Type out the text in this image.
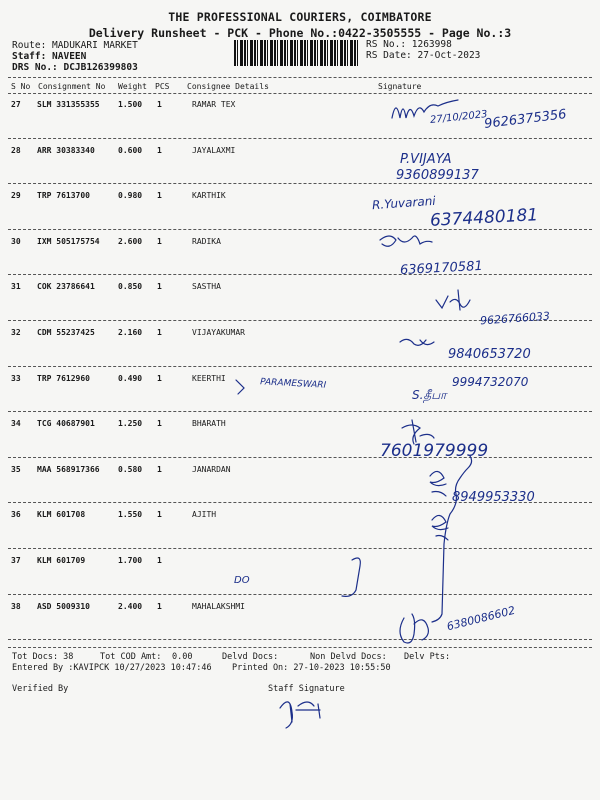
THE PROFESSIONAL COURIERS, COIMBATORE
Delivery Runsheet - PCK - Phone No.:0422-3505555 - Page No.:3
Route: MADUKARI MARKET
Staff: NAVEEN
DRS No.: DCJB126399803
RS No.: 1263998
RS Date: 27-Oct-2023
S No Consignment No Weight PCS Consignee Details	Signature
27 SLM 331355355 1.500 1	RAMAR TEX
28 ARR 30383340	0.600 1	JAYALAXMI
29 TRP 7613700	0.980 1	KARTHIK
30 IXM 505175754 2.600 1	RADIKA
31 COK 23786641	0.850 1	SASTHA
32 CDM 55237425	2.160 1	VIJAYAKUMAR
33 TRP 7612960	0.490 1	KEERTHI
34 TCG 40687901	1.250 1	BHARATH
35 MAA 568917366 0.580 1	JANARDAN
36 KLM 601708	1.550 1	AJITH
37 KLM 601709	1.700 1
38 ASD 5009310	2.400 1	MAHALAKSHMI
27/10/2023
9626375356
P.VIJAYA
9360899137
R.Yuvarani
6374480181
6369170581
9626766033
9840653720
PARAMESWARI	9994732070
S.தீபா
7601979999
8949953330
DO
6380086602
Tot Docs: 38	Tot COD Amt: 0.00	Delvd Docs:	Non Delvd Docs: Delv Pts:
Entered By :KAVIPCK 10/27/2023 10:47:46 Printed On: 27-10-2023 10:55:50
Verified By	Staff Signature
